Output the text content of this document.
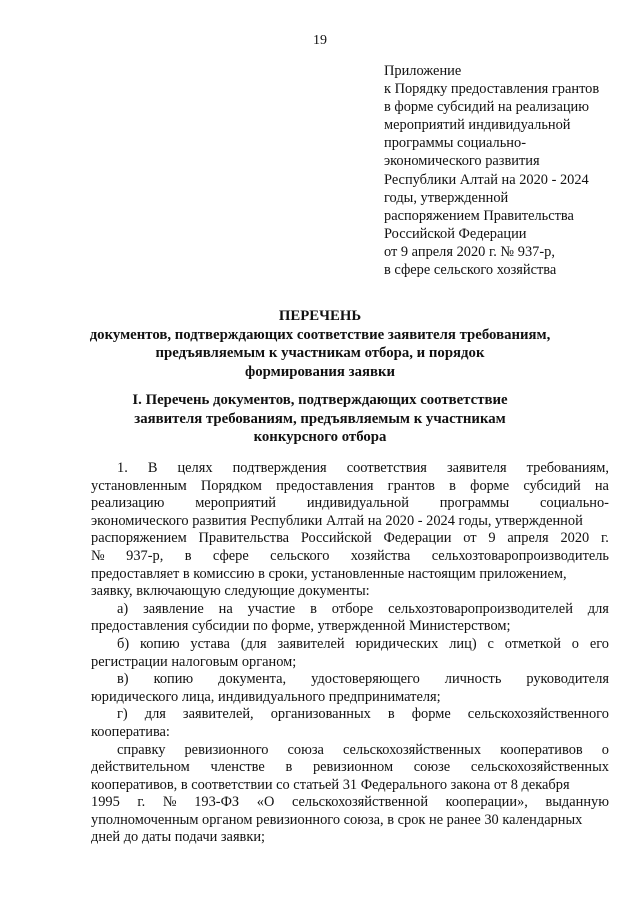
19
Приложение
к Порядку предоставления грантов
в форме субсидий на реализацию
мероприятий индивидуальной
программы социально-
экономического развития
Республики Алтай на 2020 - 2024
годы, утвержденной
распоряжением Правительства
Российской Федерации
от 9 апреля 2020 г. № 937-р,
в сфере сельского хозяйства
ПЕРЕЧЕНЬ
документов, подтверждающих соответствие заявителя требованиям,
предъявляемым к участникам отбора, и порядок
формирования заявки
I. Перечень документов, подтверждающих соответствие
заявителя требованиям, предъявляемым к участникам
конкурсного отбора
1. В целях подтверждения соответствия заявителя требованиям,
установленным Порядком предоставления грантов в форме субсидий на
реализацию мероприятий индивидуальной программы социально-
экономического развития Республики Алтай на 2020 - 2024 годы, утвержденной
распоряжением Правительства Российской Федерации от 9 апреля 2020 г.
№ 937-р, в сфере сельского хозяйства сельхозтоваропроизводитель
предоставляет в комиссию в сроки, установленные настоящим приложением,
заявку, включающую следующие документы:
а) заявление на участие в отборе сельхозтоваропроизводителей для
предоставления субсидии по форме, утвержденной Министерством;
б) копию устава (для заявителей юридических лиц) с отметкой о его
регистрации налоговым органом;
в) копию документа, удостоверяющего личность руководителя
юридического лица, индивидуального предпринимателя;
г) для заявителей, организованных в форме сельскохозяйственного
кооператива:
справку ревизионного союза сельскохозяйственных кооперативов о
действительном членстве в ревизионном союзе сельскохозяйственных
кооперативов, в соответствии со статьей 31 Федерального закона от 8 декабря
1995 г. № 193-ФЗ «О сельскохозяйственной кооперации», выданную
уполномоченным органом ревизионного союза, в срок не ранее 30 календарных
дней до даты подачи заявки;
